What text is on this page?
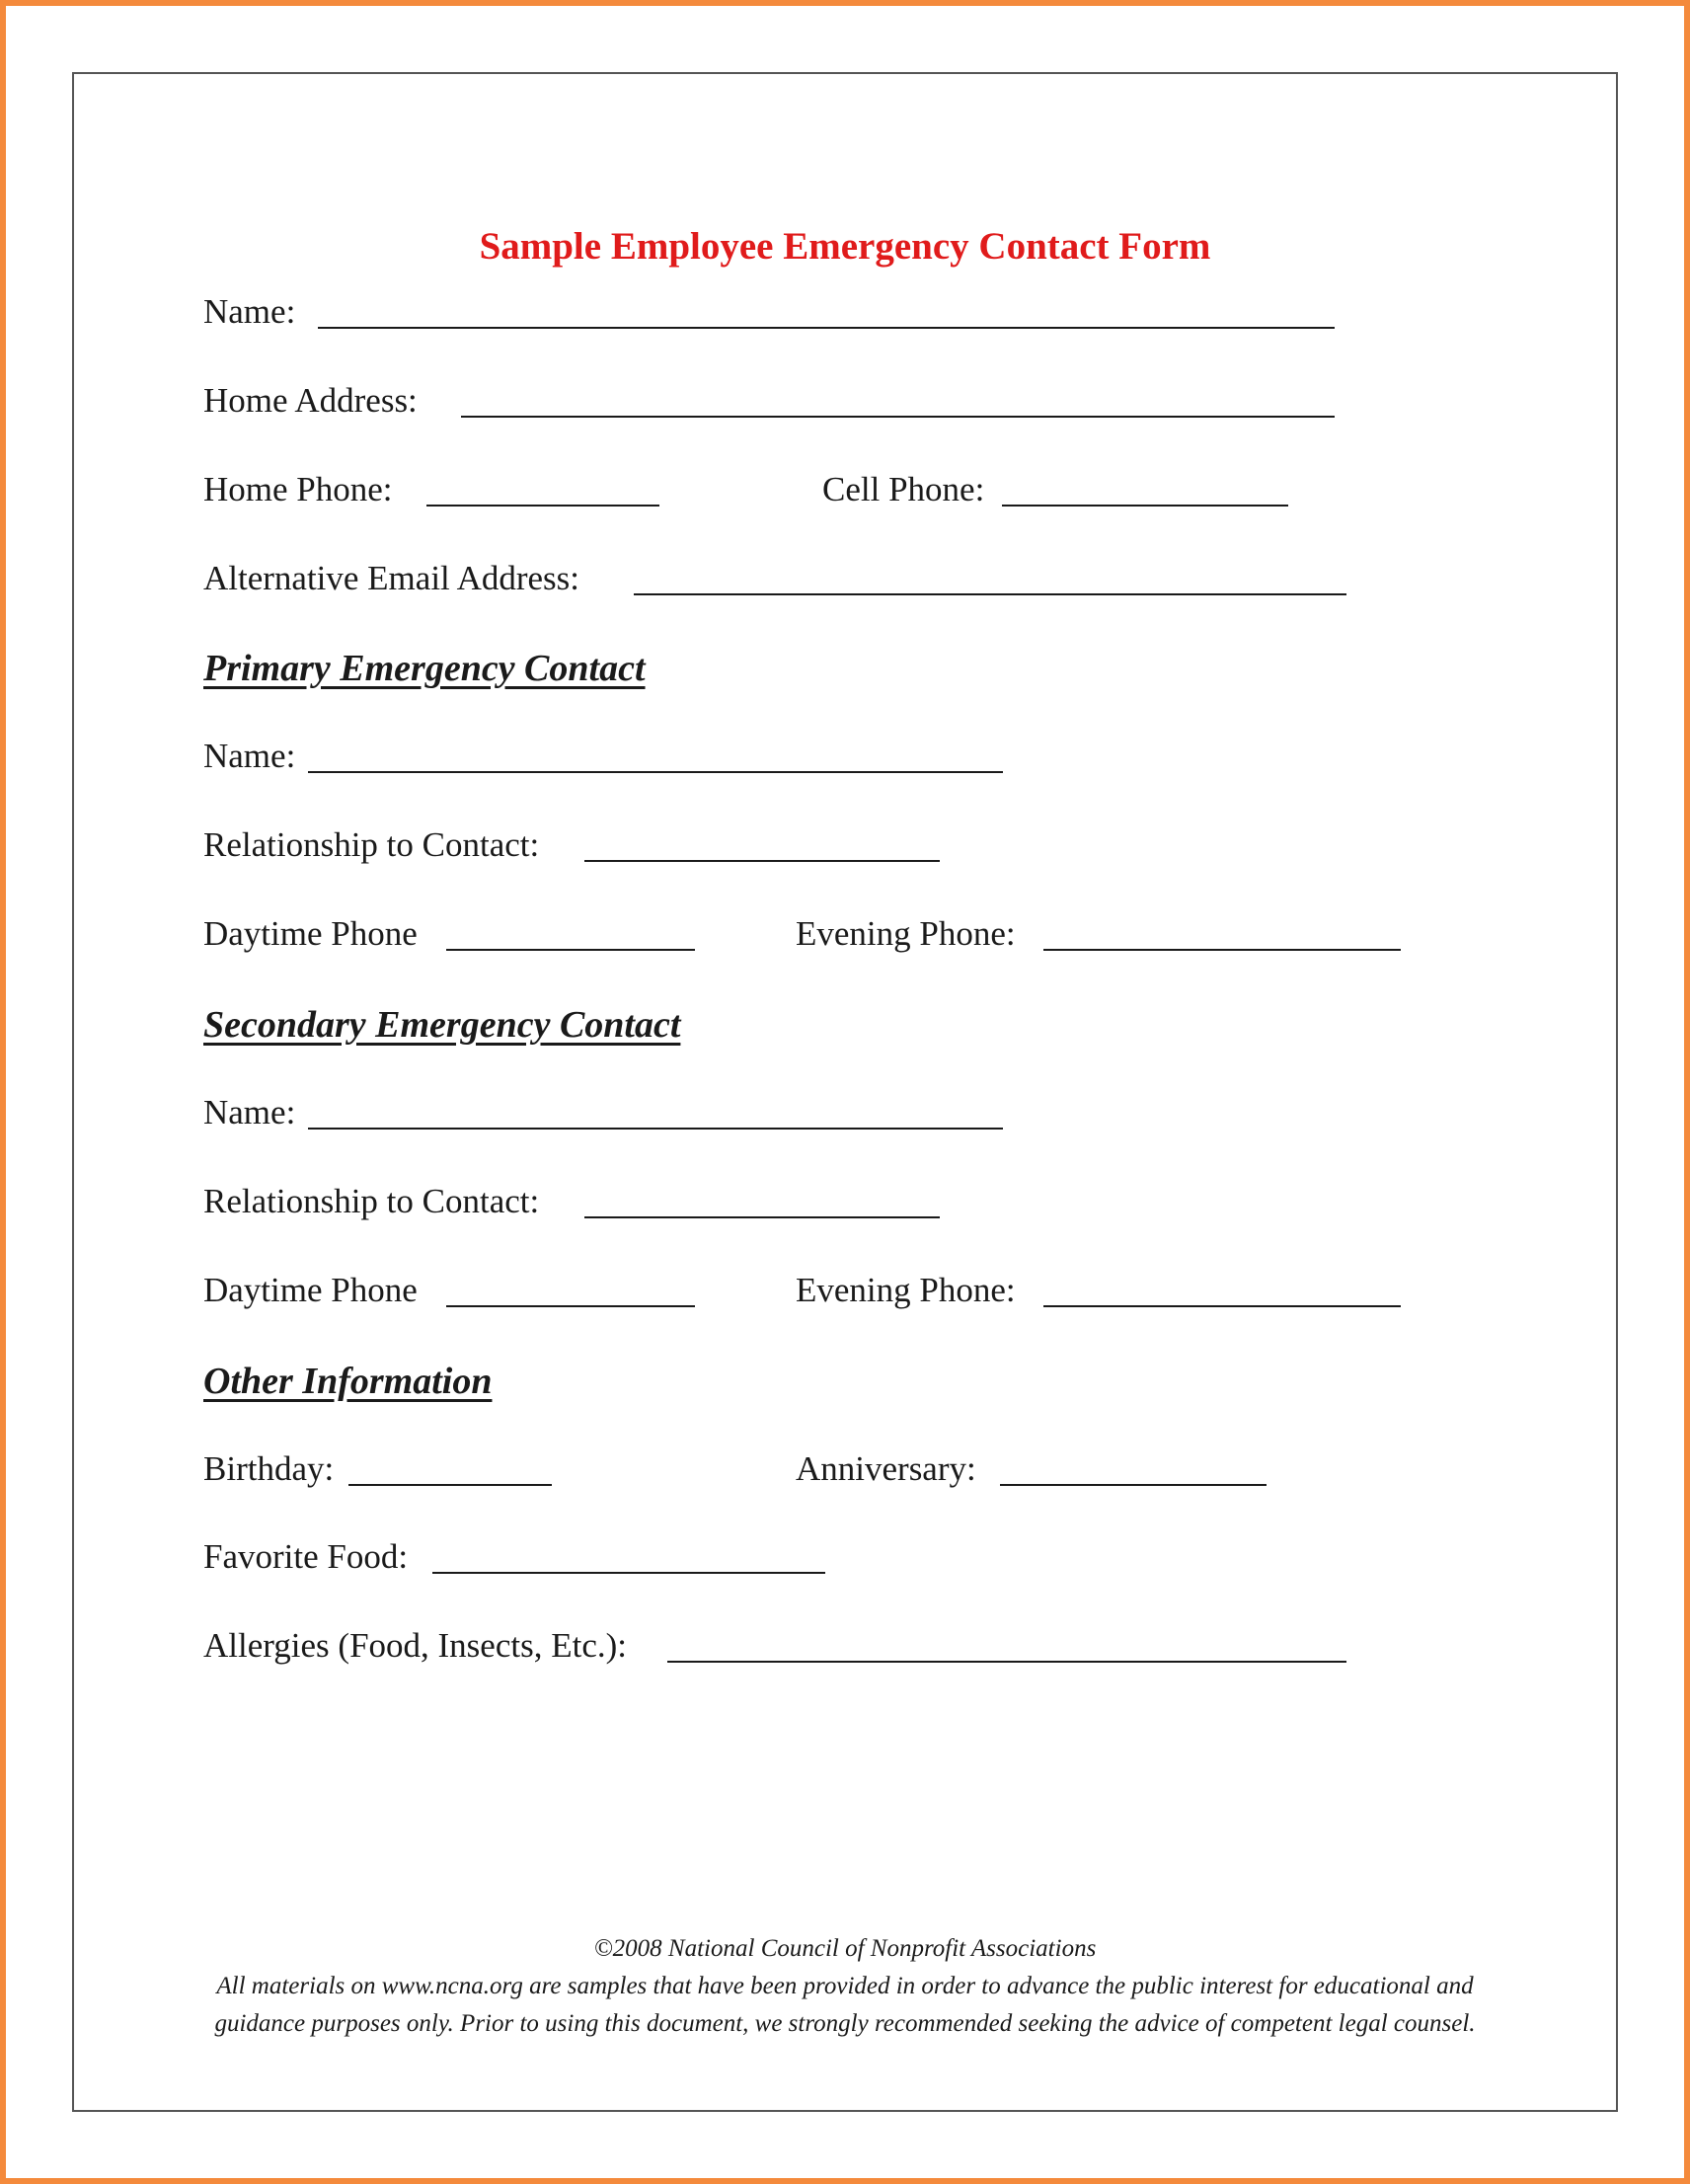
Sample Employee Emergency Contact Form
Name:
Home Address:
Home Phone:	Cell Phone:
Alternative Email Address:
Primary Emergency Contact
Name:
Relationship to Contact:
Daytime Phone	Evening Phone:
Secondary Emergency Contact
Name:
Relationship to Contact:
Daytime Phone	Evening Phone:
Other Information
Birthday:	Anniversary:
Favorite Food:
Allergies (Food, Insects, Etc.):
©2008 National Council of Nonprofit Associations
All materials on www.ncna.org are samples that have been provided in order to advance the public interest for educational and guidance purposes only. Prior to using this document, we strongly recommended seeking the advice of competent legal counsel.
